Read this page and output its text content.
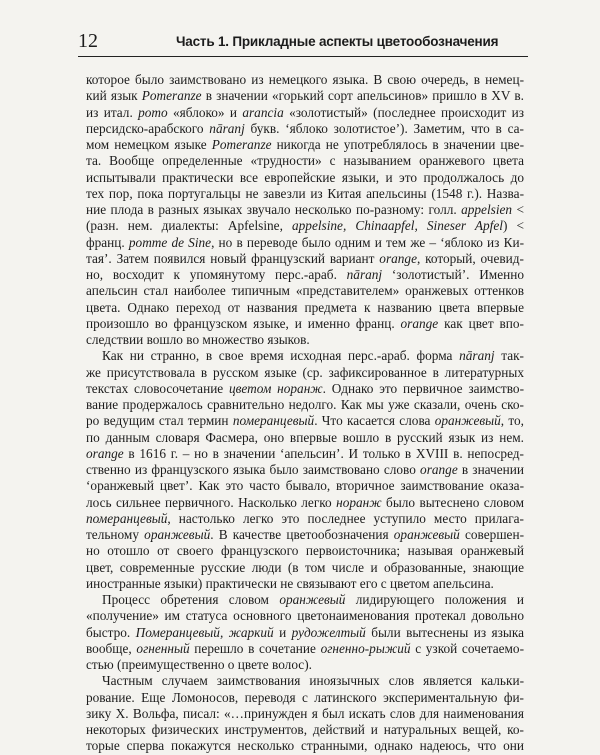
12	Часть 1. Прикладные аспекты цветообозначения

которое было заимствовано из немецкого языка. В свою очередь, в немец-
кий язык Pomeranze в значении «горький сорт апельсинов» пришло в XV в.
из итал. pomo «яблоко» и arancia «золотистый» (последнее происходит из
персидско-арабского nāranj букв. ‘яблоко золотистое’). Заметим, что в са-
мом немецком языке Pomeranze никогда не употреблялось в значении цве-
та. Вообще определенные «трудности» с называнием оранжевого цвета
испытывали практически все европейские языки, и это продолжалось до
тех пор, пока португальцы не завезли из Китая апельсины (1548 г.). Назва-
ние плода в разных языках звучало несколько по-разному: голл. appelsien <
(разн. нем. диалекты: Apfelsine, appelsine, Chinaapfel, Sineser Apfel) <
франц. pomme de Sine, но в переводе было одним и тем же – ‘яблоко из Ки-
тая’. Затем появился новый французский вариант orange, который, очевид-
но, восходит к упомянутому перс.-араб. nāranj ‘золотистый’. Именно
апельсин стал наиболее типичным «представителем» оранжевых оттенков
цвета. Однако переход от названия предмета к названию цвета впервые
произошло во французском языке, и именно франц. orange как цвет впо-
следствии вошло во множество языков.

Как ни странно, в свое время исходная перс.-араб. форма nāranj так-
же присутствовала в русском языке (ср. зафиксированное в литературных
текстах словосочетание цветом норанж. Однако это первичное заимство-
вание продержалось сравнительно недолго. Как мы уже сказали, очень ско-
ро ведущим стал термин померанцевый. Что касается слова оранжевый, то,
по данным словаря Фасмера, оно впервые вошло в русский язык из нем.
orange в 1616 г. – но в значении ‘апельсин’. И только в XVIII в. непосред-
ственно из французского языка было заимствовано слово orange в значении
‘оранжевый цвет’. Как это часто бывало, вторичное заимствование оказа-
лось сильнее первичного. Насколько легко норанж было вытеснено словом
померанцевый, настолько легко это последнее уступило место прилага-
тельному оранжевый. В качестве цветообозначения оранжевый совершен-
но отошло от своего французского первоисточника; называя оранжевый
цвет, современные русские люди (в том числе и образованные, знающие
иностранные языки) практически не связывают его с цветом апельсина.

Процесс обретения словом оранжевый лидирующего положения и
«получение» им статуса основного цветонаименования протекал довольно
быстро. Померанцевый, жаркий и рудожелтый были вытеснены из языка
вообще, огненный перешло в сочетание огненно-рыжий с узкой сочетаемо-
стью (преимущественно о цвете волос).

Частным случаем заимствования иноязычных слов является кальки-
рование. Еще Ломоносов, переводя с латинского экспериментальную фи-
зику Х. Вольфа, писал: «…принужден я был искать слов для наименования
некоторых физических инструментов, действий и натуральных вещей, ко-
торые сперва покажутся несколько странными, однако надеюсь, что они
